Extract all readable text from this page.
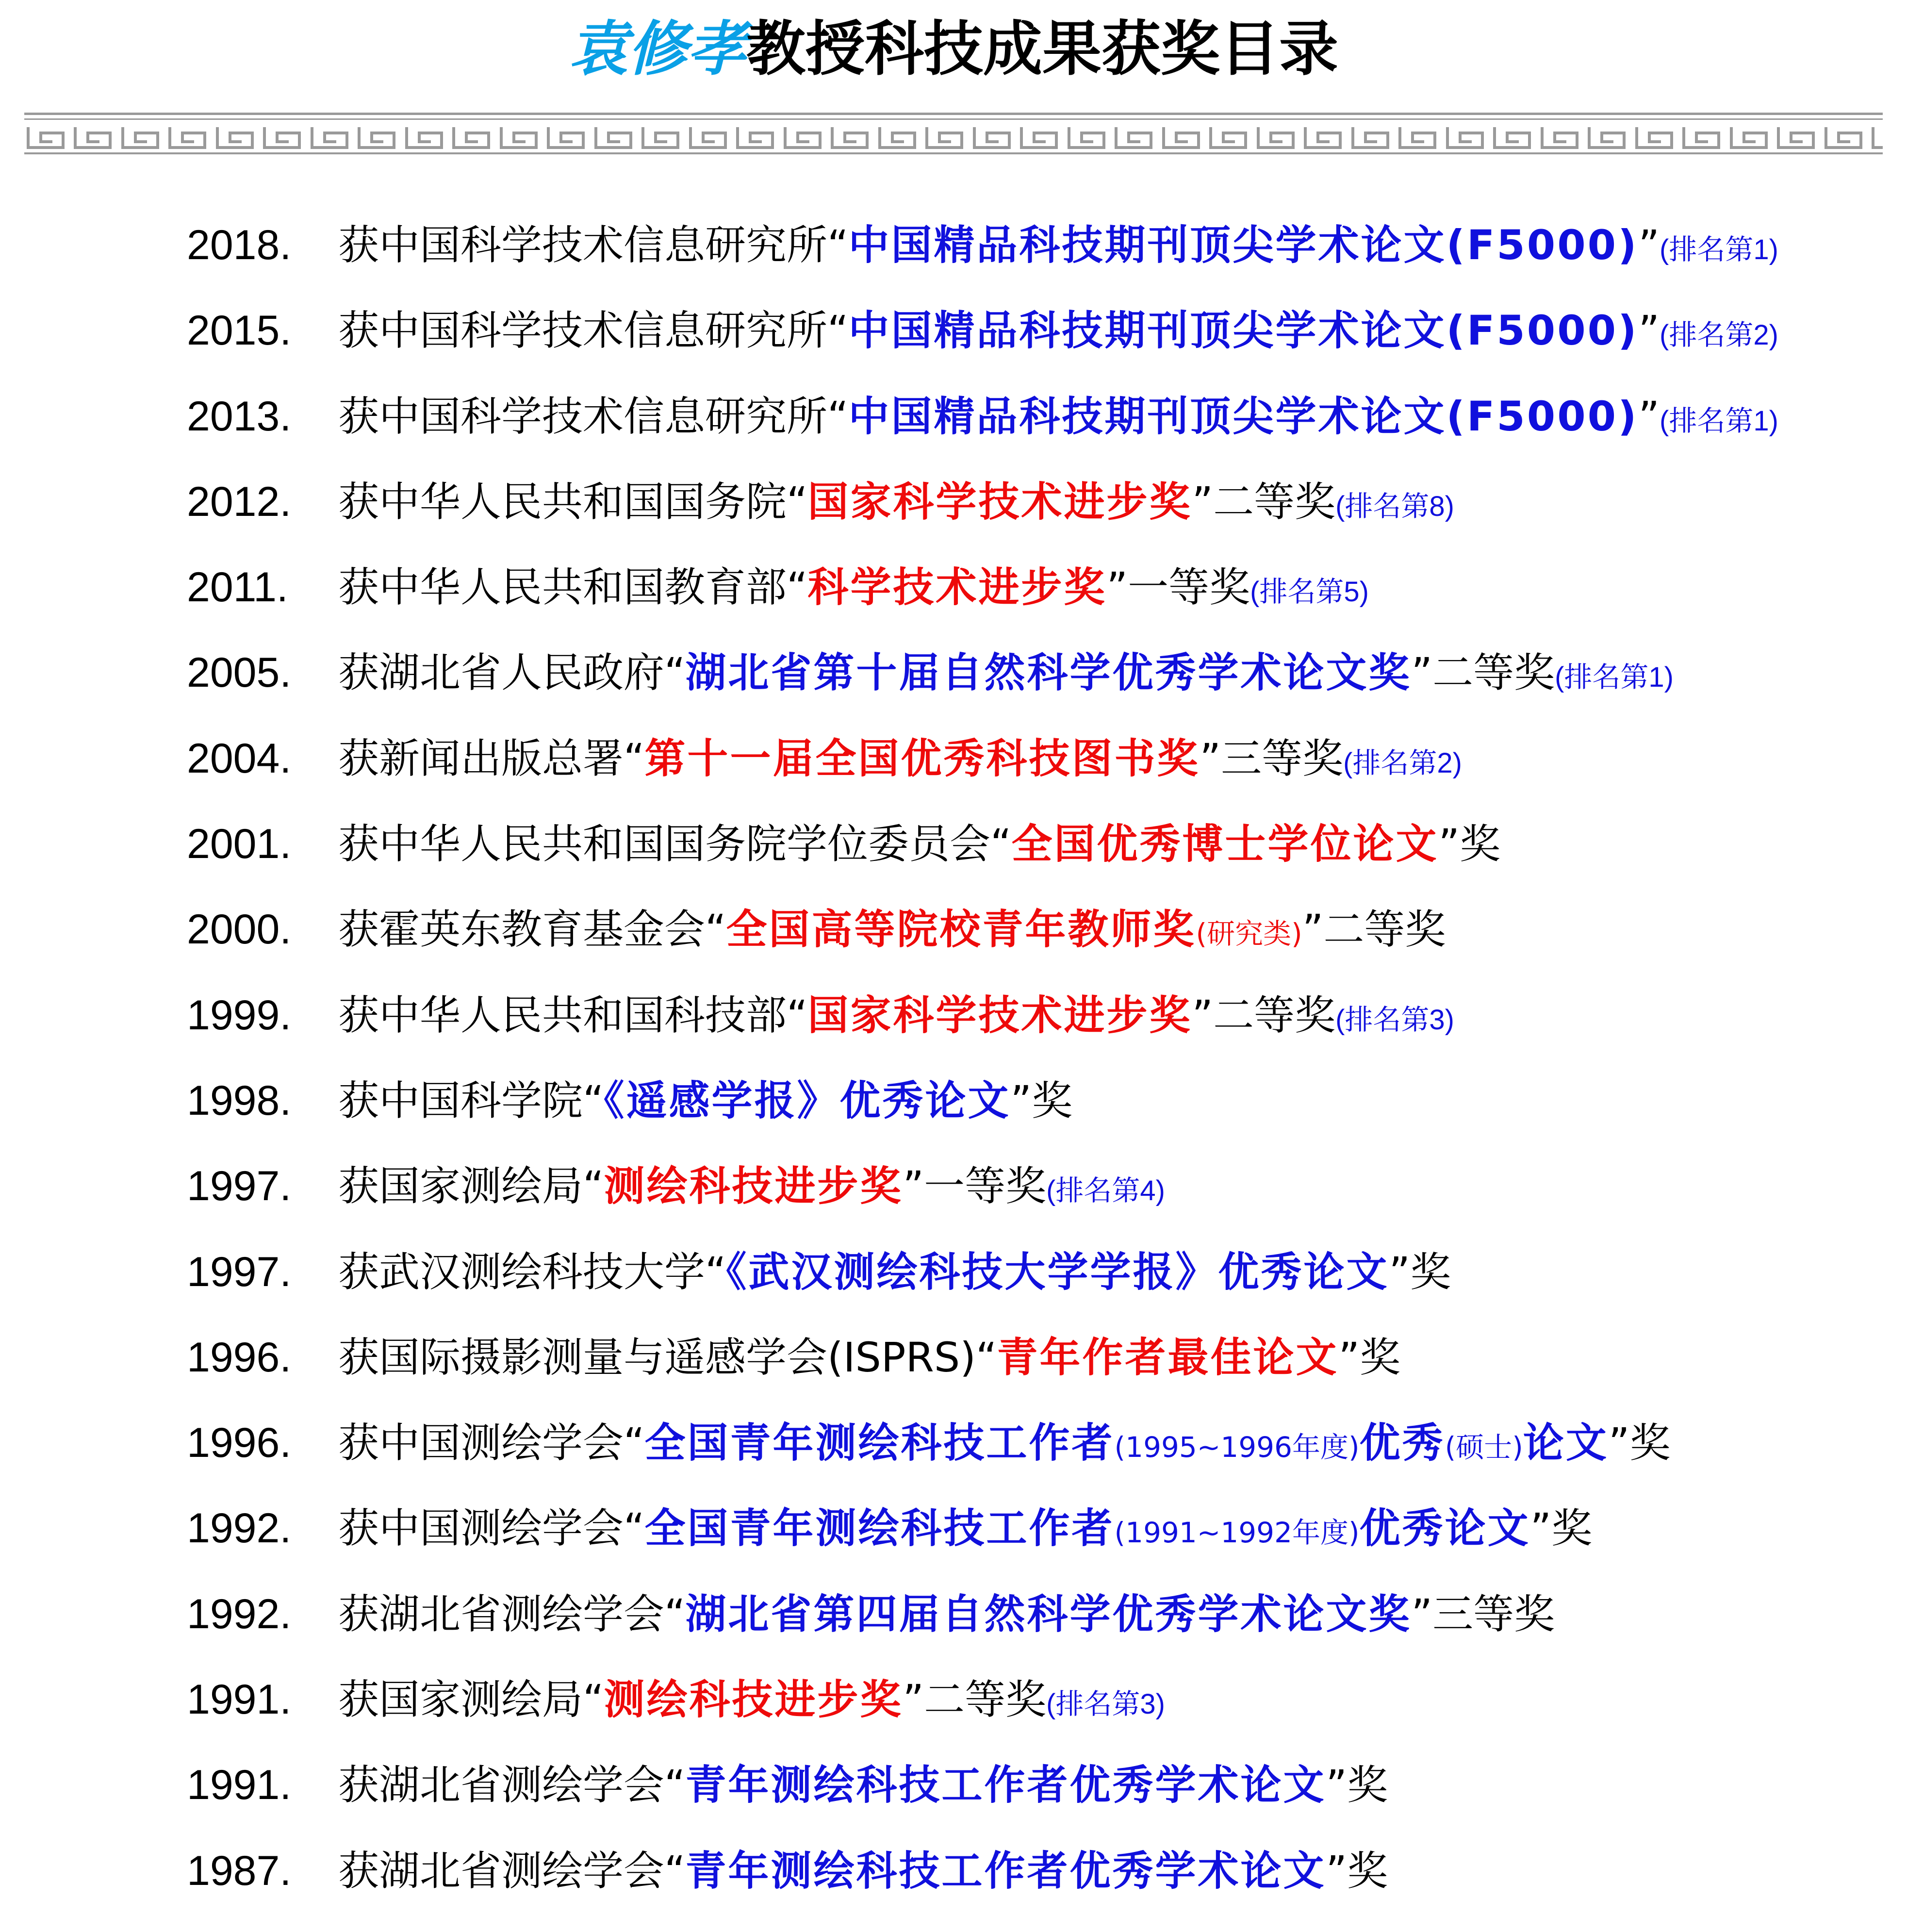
袁修孝教授科技成果获奖目录
2018. 获中国科学技术信息研究所“中国精品科技期刊顶尖学术论文(F5000)”(排名第1)
2015. 获中国科学技术信息研究所“中国精品科技期刊顶尖学术论文(F5000)”(排名第2)
2013. 获中国科学技术信息研究所“中国精品科技期刊顶尖学术论文(F5000)”(排名第1)
2012. 获中华人民共和国国务院“国家科学技术进步奖”二等奖(排名第8)
2011. 获中华人民共和国教育部“科学技术进步奖”一等奖(排名第5)
2005. 获湖北省人民政府“湖北省第十届自然科学优秀学术论文奖”二等奖(排名第1)
2004. 获新闻出版总署“第十一届全国优秀科技图书奖”三等奖(排名第2)
2001. 获中华人民共和国国务院学位委员会“全国优秀博士学位论文”奖
2000. 获霍英东教育基金会“全国高等院校青年教师奖(研究类)”二等奖
1999. 获中华人民共和国科技部“国家科学技术进步奖”二等奖(排名第3)
1998. 获中国科学院“《遥感学报》优秀论文”奖
1997. 获国家测绘局“测绘科技进步奖”一等奖(排名第4)
1997. 获武汉测绘科技大学“《武汉测绘科技大学学报》优秀论文”奖
1996. 获国际摄影测量与遥感学会(ISPRS)“青年作者最佳论文”奖
1996. 获中国测绘学会“全国青年测绘科技工作者(1995~1996年度)优秀(硕士)论文”奖
1992. 获中国测绘学会“全国青年测绘科技工作者(1991~1992年度)优秀论文”奖
1992. 获湖北省测绘学会“湖北省第四届自然科学优秀学术论文奖”三等奖
1991. 获国家测绘局“测绘科技进步奖”二等奖(排名第3)
1991. 获湖北省测绘学会“青年测绘科技工作者优秀学术论文”奖
1987. 获湖北省测绘学会“青年测绘科技工作者优秀学术论文”奖
